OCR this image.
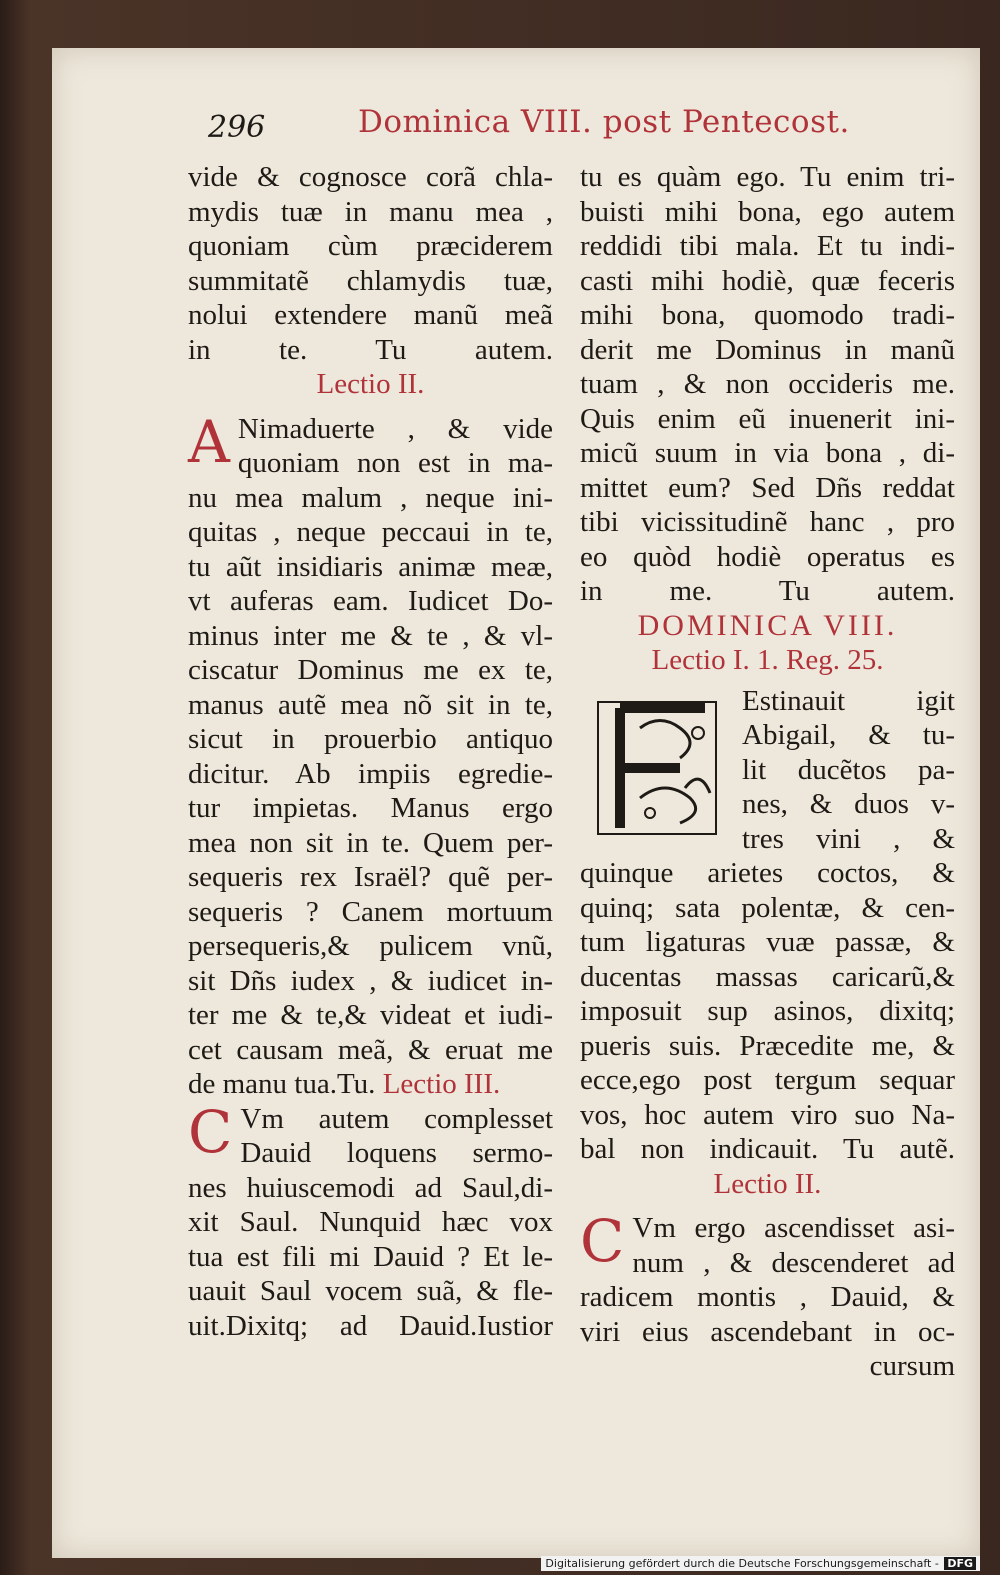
296	Dominica VIII. post Pentecost.
vide & cognosce corã chla-
mydis tuæ in manu mea ,
quoniam cùm præciderem
summitatẽ chlamydis tuæ,
nolui extendere manũ meã
in te. Tu autem.
Lectio II.
A Nimaduerte , & vide
quoniam non est in ma-
nu mea malum , neque ini-
quitas , neque peccaui in te,
tu aũt insidiaris animæ meæ,
vt auferas eam. Iudicet Do-
minus inter me & te , & vl-
ciscatur Dominus me ex te,
manus autẽ mea nõ sit in te,
sicut in prouerbio antiquo
dicitur. Ab impiis egredie-
tur impietas. Manus ergo
mea non sit in te. Quem per-
sequeris rex Israël? quẽ per-
sequeris ? Canem mortuum
persequeris,& pulicem vnũ,
sit Dñs iudex , & iudicet in-
ter me & te,& videat et iudi-
cet causam meã, & eruat me
de manu tua.Tu. Lectio III.
C Vm autem complesset
Dauid loquens sermo-
nes huiuscemodi ad Saul,di-
xit Saul. Nunquid hæc vox
tua est fili mi Dauid ? Et le-
uauit Saul vocem suã, & fle-
uit.Dixitq; ad Dauid.Iustior
tu es quàm ego. Tu enim tri-
buisti mihi bona, ego autem
reddidi tibi mala. Et tu indi-
casti mihi hodiè, quæ feceris
mihi bona, quomodo tradi-
derit me Dominus in manũ
tuam , & non occideris me.
Quis enim eũ inuenerit ini-
micũ suum in via bona , di-
mittet eum? Sed Dñs reddat
tibi vicissitudinẽ hanc , pro
eo quòd hodiè operatus es
in me. Tu autem.
DOMINICA VIII.
Lectio I. 1. Reg. 25.
F	Estinauit igit
Abigail, & tu-
lit ducẽtos pa-
nes, & duos v-
tres vini , &
quinque arietes coctos, &
quinq; sata polentæ, & cen-
tum ligaturas vuæ passæ, &
ducentas massas caricarũ,&
imposuit sup asinos, dixitq;
pueris suis. Præcedite me, &
ecce,ego post tergum sequar
vos, hoc autem viro suo Na-
bal non indicauit. Tu autẽ.
Lectio II.
C Vm ergo ascendisset asi-
num , & descenderet ad
radicem montis , Dauid, &
viri eius ascendebant in oc-
cursum
Digitalisierung gefördert durch die Deutsche Forschungsgemeinschaft - DFG
